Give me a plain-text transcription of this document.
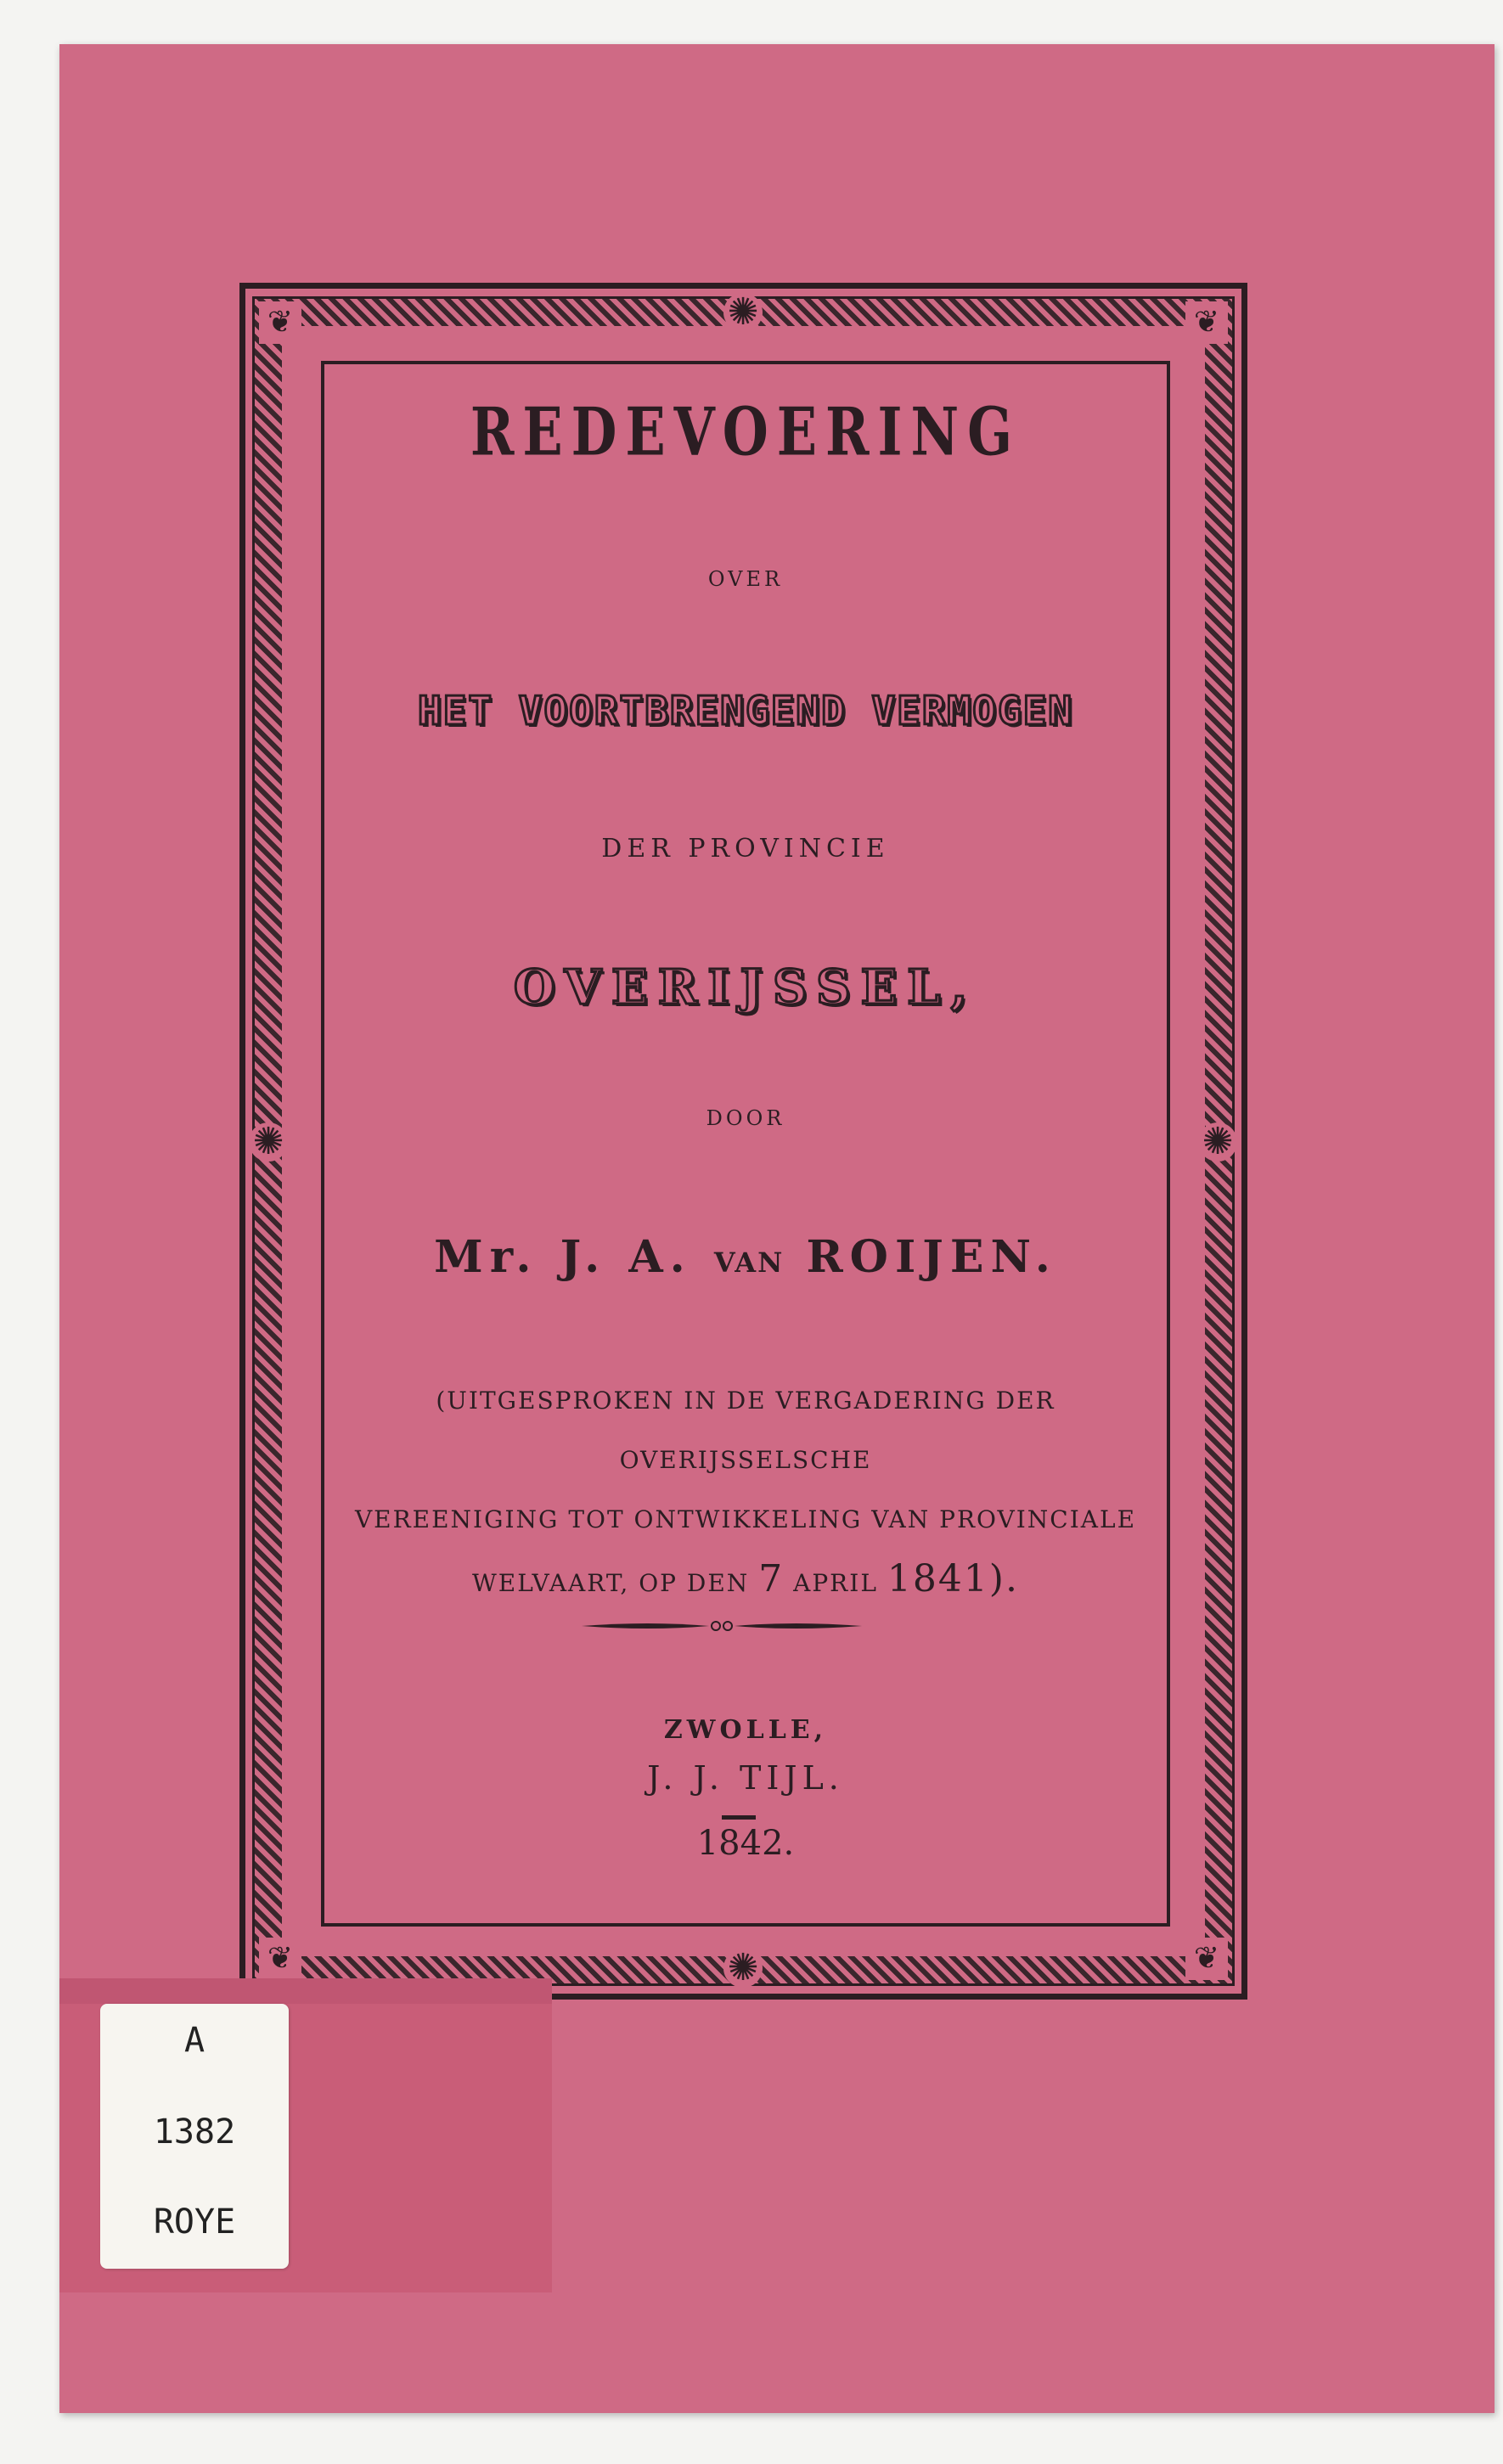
✺
✺
✺	✺
❦	❦
❦	❦
REDEVOERING
OVER
HET VOORTBRENGEND VERMOGEN
DER PROVINCIE
OVERIJSSEL,
DOOR
Mr. J. A. VAN ROIJEN.
(UITGESPROKEN IN DE VERGADERING DER OVERIJSSELSCHE
VEREENIGING TOT ONTWIKKELING VAN PROVINCIALE
WELVAART, OP DEN 7 APRIL 1841).
ZWOLLE,
J. J. TIJL.
1842.
A
1382
ROYE
